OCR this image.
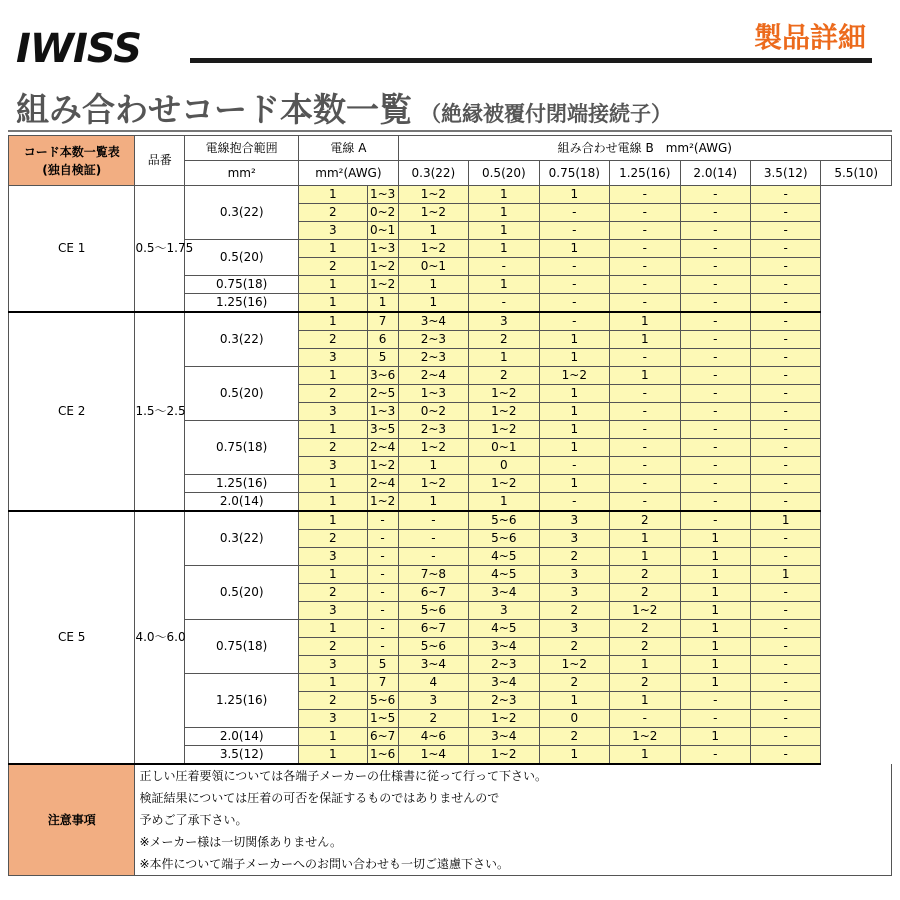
IWISS	製品詳細
組み合わせコード本数一覧 （絶縁被覆付閉端接続子）
コード本数一覧表
(独自検証)	品番	電線抱合範囲	電線 A		組み合わせ電線 B　mm²(AWG)						
		mm²	mm²(AWG)		0.3(22)	0.5(20)	0.75(18)	1.25(16)	2.0(14)	3.5(12)	5.5(10)
CE 1	0.5〜1.75	0.3(22)	1	1~3	1~2	1	1	-	-	-	
			2	0~2	1~2	1	-	-	-	-	
			3	0~1	1	1	-	-	-	-	
		0.5(20)	1	1~3	1~2	1	1	-	-	-	
			2	1~2	0~1	-	-	-	-	-	
		0.75(18)	1	1~2	1	1	-	-	-	-	
		1.25(16)	1	1	1	-	-	-	-	-	
CE 2	1.5〜2.5	0.3(22)	1	7	3~4	3	-	1	-	-	
			2	6	2~3	2	1	1	-	-	
			3	5	2~3	1	1	-	-	-	
		0.5(20)	1	3~6	2~4	2	1~2	1	-	-	
			2	2~5	1~3	1~2	1	-	-	-	
			3	1~3	0~2	1~2	1	-	-	-	
		0.75(18)	1	3~5	2~3	1~2	1	-	-	-	
			2	2~4	1~2	0~1	1	-	-	-	
			3	1~2	1	0	-	-	-	-	
		1.25(16)	1	2~4	1~2	1~2	1	-	-	-	
		2.0(14)	1	1~2	1	1	-	-	-	-	
CE 5	4.0〜6.0	0.3(22)	1	-	-	5~6	3	2	-	1	
			2	-	-	5~6	3	1	1	-	
			3	-	-	4~5	2	1	1	-	
		0.5(20)	1	-	7~8	4~5	3	2	1	1	
			2	-	6~7	3~4	3	2	1	-	
			3	-	5~6	3	2	1~2	1	-	
		0.75(18)	1	-	6~7	4~5	3	2	1	-	
			2	-	5~6	3~4	2	2	1	-	
			3	5	3~4	2~3	1~2	1	1	-	
		1.25(16)	1	7	4	3~4	2	2	1	-	
			2	5~6	3	2~3	1	1	-	-	
			3	1~5	2	1~2	0	-	-	-	
		2.0(14)	1	6~7	4~6	3~4	2	1~2	1	-	
		3.5(12)	1	1~6	1~4	1~2	1	1	-	-	
注意事項	正しい圧着要領については各端子メーカーの仕様書に従って行って下さい。										
	検証結果については圧着の可否を保証するものではありませんので										
	予めご了承下さい。										
	※メーカー様は一切関係ありません。										
	※本件について端子メーカーへのお問い合わせも一切ご遠慮下さい。										
